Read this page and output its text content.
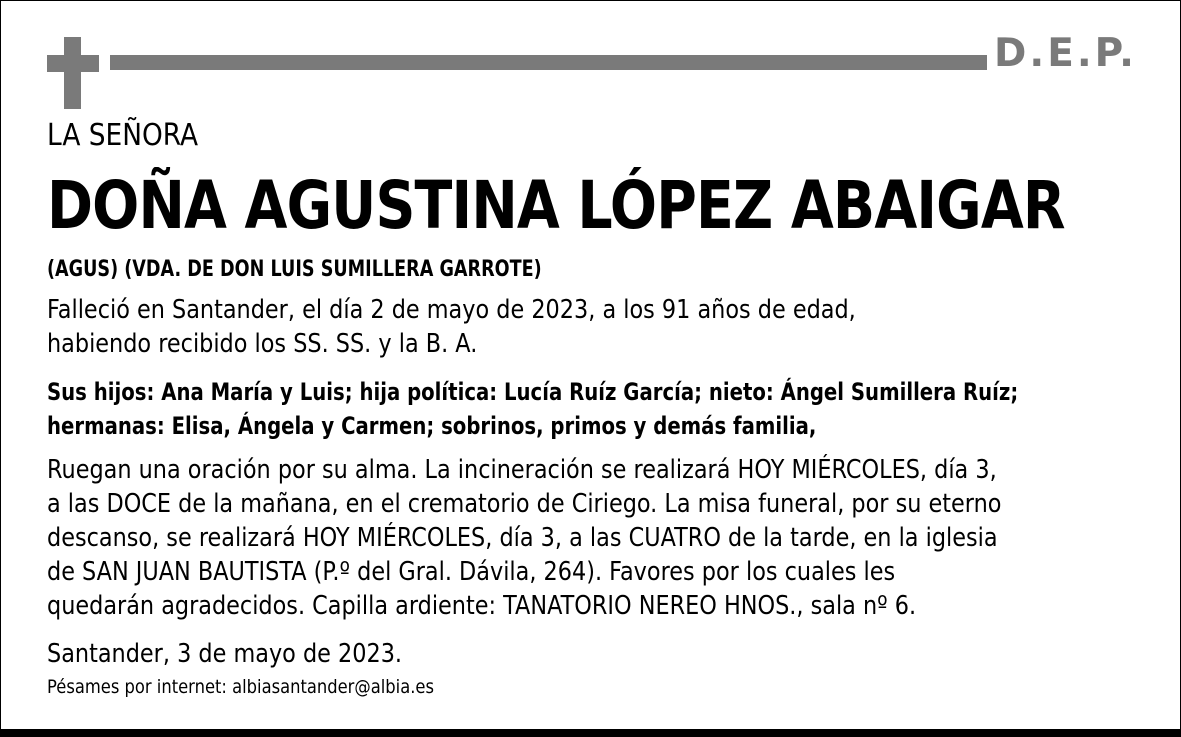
D.E.P.
LA SEÑORA
DOÑA AGUSTINA LÓPEZ ABAIGAR
(AGUS) (VDA. DE DON LUIS SUMILLERA GARROTE)
Falleció en Santander, el día 2 de mayo de 2023, a los 91 años de edad,
habiendo recibido los SS. SS. y la B. A.
Sus hijos: Ana María y Luis; hija política: Lucía Ruíz García; nieto: Ángel Sumillera Ruíz;
hermanas: Elisa, Ángela y Carmen; sobrinos, primos y demás familia,
Ruegan una oración por su alma. La incineración se realizará HOY MIÉRCOLES, día 3,
a las DOCE de la mañana, en el crematorio de Ciriego. La misa funeral, por su eterno
descanso, se realizará HOY MIÉRCOLES, día 3, a las CUATRO de la tarde, en la iglesia
de SAN JUAN BAUTISTA (P.º del Gral. Dávila, 264). Favores por los cuales les
quedarán agradecidos. Capilla ardiente: TANATORIO NEREO HNOS., sala nº 6.
Santander, 3 de mayo de 2023.
Pésames por internet: albiasantander@albia.es
